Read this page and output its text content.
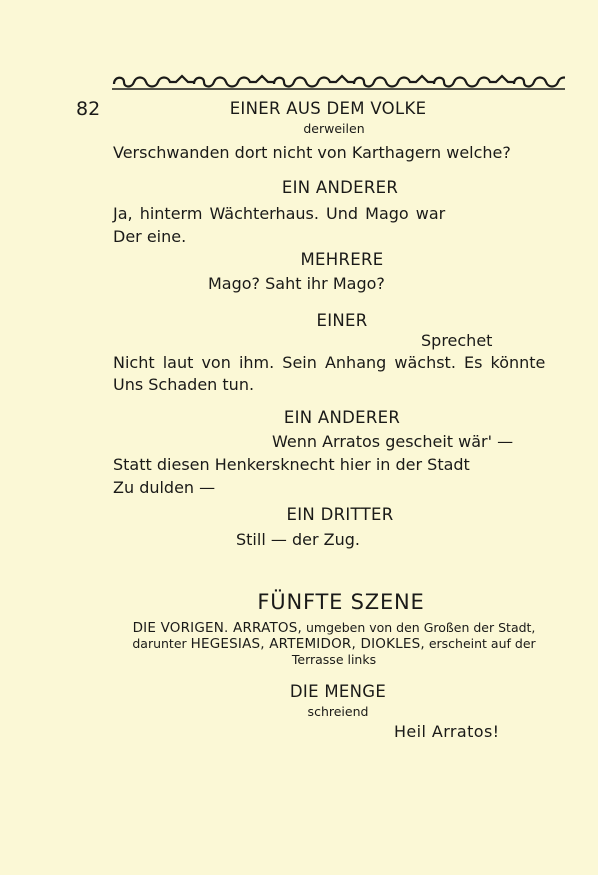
82	EINER AUS DEM VOLKE
derweilen
Verschwanden dort nicht von Karthagern welche?
EIN ANDERER
Ja, hinterm Wächterhaus. Und Mago war
Der eine.
MEHRERE
Mago? Saht ihr Mago?
EINER
Sprechet
Nicht laut von ihm. Sein Anhang wächst. Es könnte
Uns Schaden tun.
EIN ANDERER
Wenn Arratos gescheit wär' —
Statt diesen Henkersknecht hier in der Stadt
Zu dulden —
EIN DRITTER
Still — der Zug.
FÜNFTE SZENE
DIE VORIGEN. ARRATOS, umgeben von den Großen der Stadt,
darunter HEGESIAS, ARTEMIDOR, DIOKLES, erscheint auf der
Terrasse links
DIE MENGE
schreiend
Heil Arratos!
